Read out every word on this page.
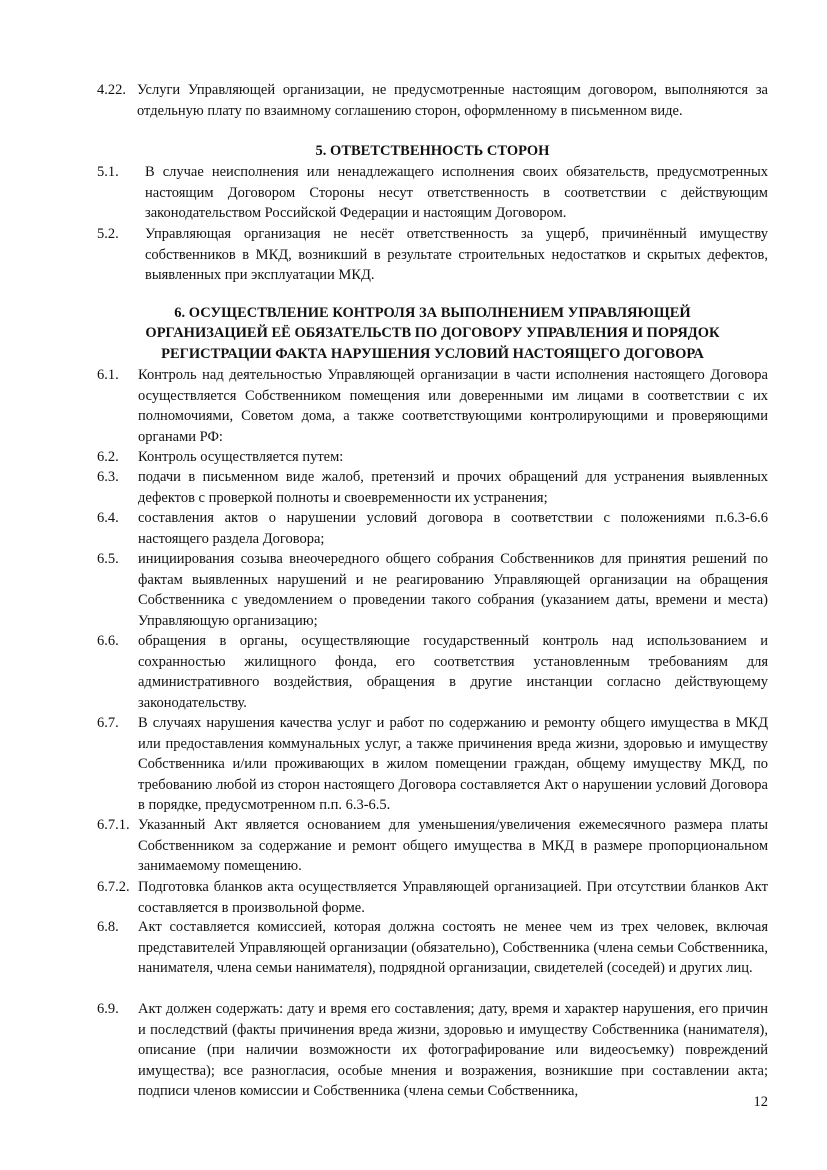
4.22. Услуги Управляющей организации, не предусмотренные настоящим договором, выполняются за отдельную плату по взаимному соглашению сторон, оформленному в письменном виде.
5. ОТВЕТСТВЕННОСТЬ СТОРОН
5.1.	В случае неисполнения или ненадлежащего исполнения своих обязательств, предусмотренных настоящим Договором Стороны несут ответственность в соответствии с действующим законодательством Российской Федерации и настоящим Договором.
5.2.	Управляющая организация не несёт ответственность за ущерб, причинённый имуществу собственников в МКД, возникший в результате строительных недостатков и скрытых дефектов, выявленных при эксплуатации МКД.
6. ОСУЩЕСТВЛЕНИЕ КОНТРОЛЯ ЗА ВЫПОЛНЕНИЕМ УПРАВЛЯЮЩЕЙ
ОРГАНИЗАЦИЕЙ ЕЁ ОБЯЗАТЕЛЬСТВ ПО ДОГОВОРУ УПРАВЛЕНИЯ И ПОРЯДОК
РЕГИСТРАЦИИ ФАКТА НАРУШЕНИЯ УСЛОВИЙ НАСТОЯЩЕГО ДОГОВОРА
6.1.	Контроль над деятельностью Управляющей организации в части исполнения настоящего Договора осуществляется Собственником помещения или доверенными им лицами в соответствии с их полномочиями, Советом дома, а также соответствующими контролирующими и проверяющими органами РФ:
6.2.	Контроль осуществляется путем:
6.3.	подачи в письменном виде жалоб, претензий и прочих обращений для устранения выявленных дефектов с проверкой полноты и своевременности их устранения;
6.4.	составления актов о нарушении условий договора в соответствии с положениями п.6.3-6.6 настоящего раздела Договора;
6.5.	инициирования созыва внеочередного общего собрания Собственников для принятия решений по фактам выявленных нарушений и не реагированию Управляющей организации на обращения Собственника с уведомлением о проведении такого собрания (указанием даты, времени и места) Управляющую организацию;
6.6.	обращения в органы, осуществляющие государственный контроль над использованием и сохранностью жилищного фонда, его соответствия установленным требованиям для административного воздействия, обращения в другие инстанции согласно действующему законодательству.
6.7.	В случаях нарушения качества услуг и работ по содержанию и ремонту общего имущества в МКД или предоставления коммунальных услуг, а также причинения вреда жизни, здоровью и имуществу Собственника и/или проживающих в жилом помещении граждан, общему имуществу МКД, по требованию любой из сторон настоящего Договора составляется Акт о нарушении условий Договора в порядке, предусмотренном п.п. 6.3-6.5.
6.7.1. Указанный Акт является основанием для уменьшения/увеличения ежемесячного размера платы Собственником за содержание и ремонт общего имущества в МКД в размере пропорциональном занимаемому помещению.
6.7.2. Подготовка бланков акта осуществляется Управляющей организацией. При отсутствии бланков Акт составляется в произвольной форме.
6.8.	Акт составляется комиссией, которая должна состоять не менее чем из трех человек, включая представителей Управляющей организации (обязательно), Собственника (члена семьи Собственника, нанимателя, члена семьи нанимателя), подрядной организации, свидетелей (соседей) и других лиц.
6.9.	Акт должен содержать: дату и время его составления; дату, время и характер нарушения, его причин и последствий (факты причинения вреда жизни, здоровью и имуществу Собственника (нанимателя), описание (при наличии возможности их фотографирование или видеосъемку) повреждений имущества); все разногласия, особые мнения и возражения, возникшие при составлении акта; подписи членов комиссии и Собственника (члена семьи Собственника,
12
